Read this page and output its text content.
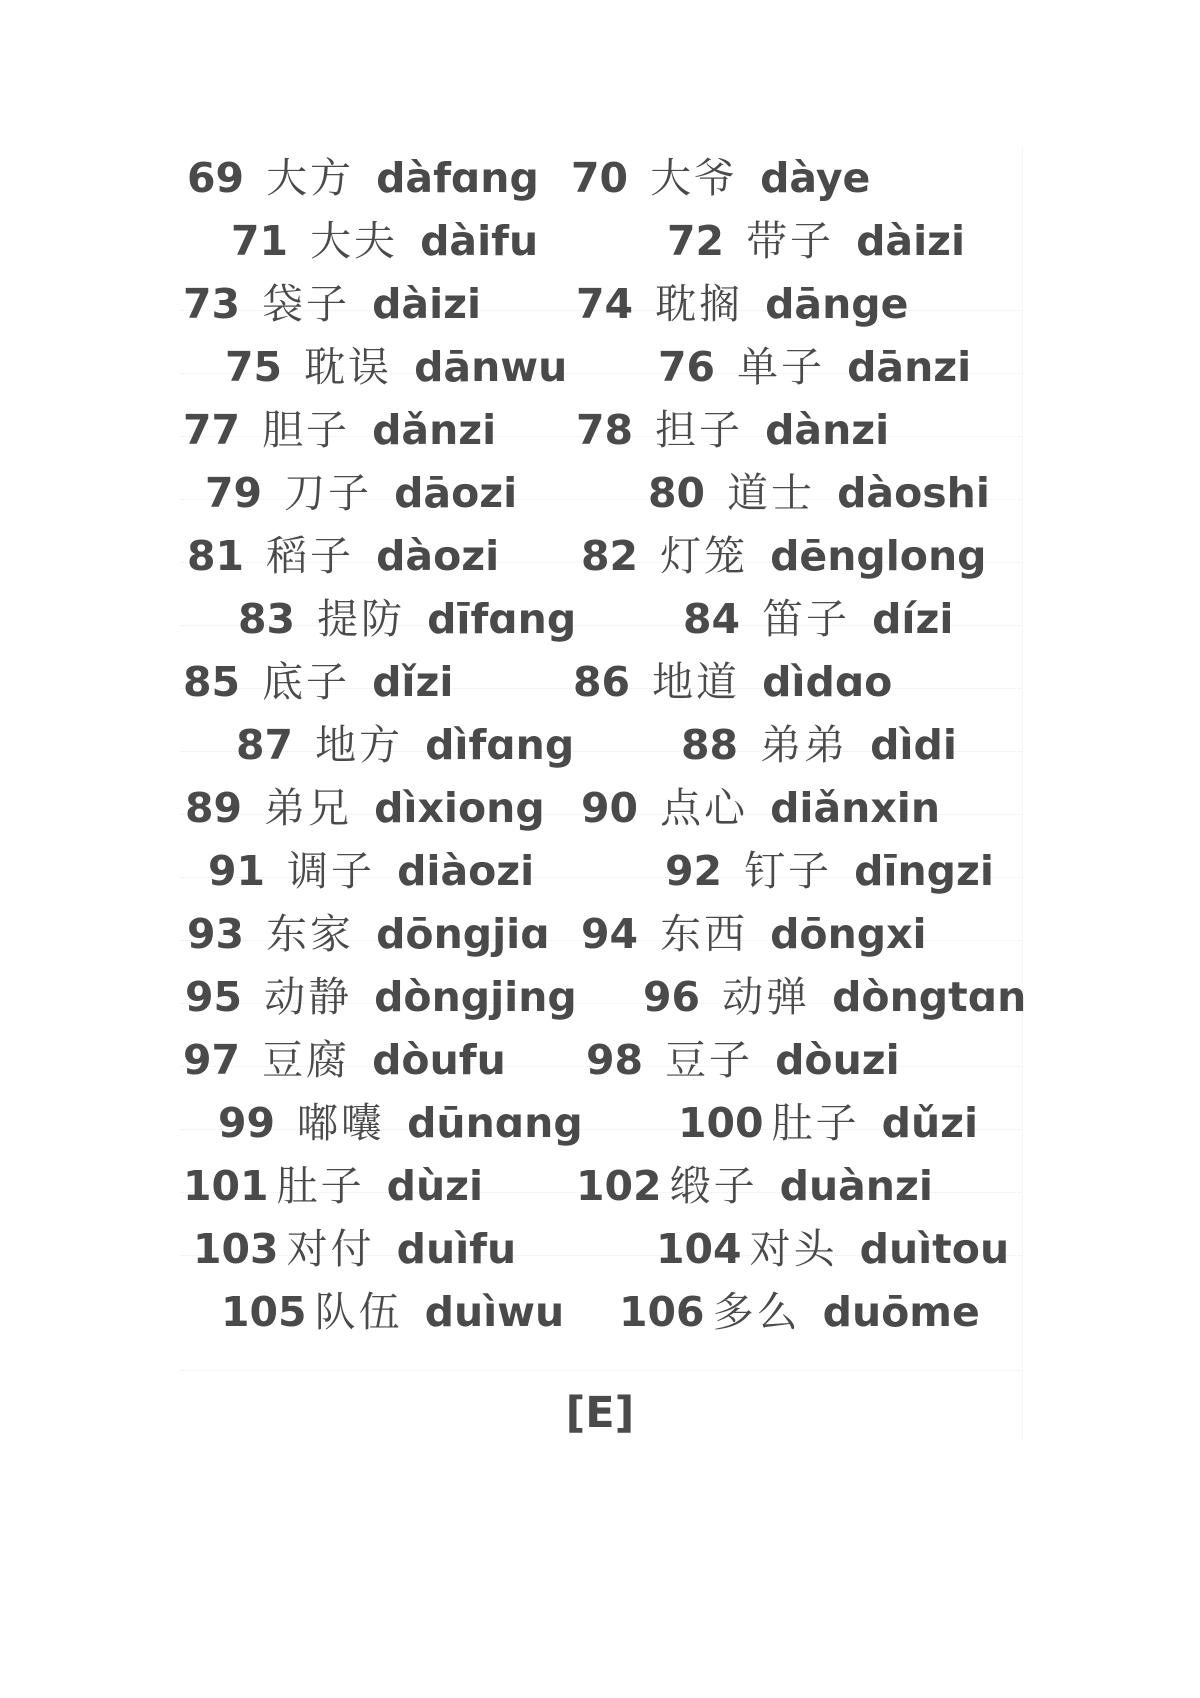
69 大方 dàfɑng 70 大爷 dàye
71 大夫 dàifu	72 带子 dàizi
73 袋子 dàizi 74 耽搁 dānge
75 耽误 dānwu 76 单子 dānzi
77 胆子 dǎnzi 78 担子 dànzi
79 刀子 dāozi	80 道士 dàoshi
81 稻子 dàozi 82 灯笼 dēnglong
83 提防 dīfɑng	84 笛子 dízi
85 底子 dǐzi	86 地道 dìdɑo
87 地方 dìfɑng	88 弟弟 dìdi
89 弟兄 dìxiong 90 点心 diǎnxin
91 调子 diàozi	92 钉子 dīngzi
93 东家 dōngjiɑ 94 东西 dōngxi
95 动静 dòngjing 96 动弹 dòngtɑn
97 豆腐 dòufu 98 豆子 dòuzi
99 嘟囔 dūnɑng 100 肚子 dǔzi
101 肚子 dùzi 102 缎子 duànzi
103 对付 duìfu	104 对头 duìtou
105 队伍 duìwu 106 多么 duōme
[E]
